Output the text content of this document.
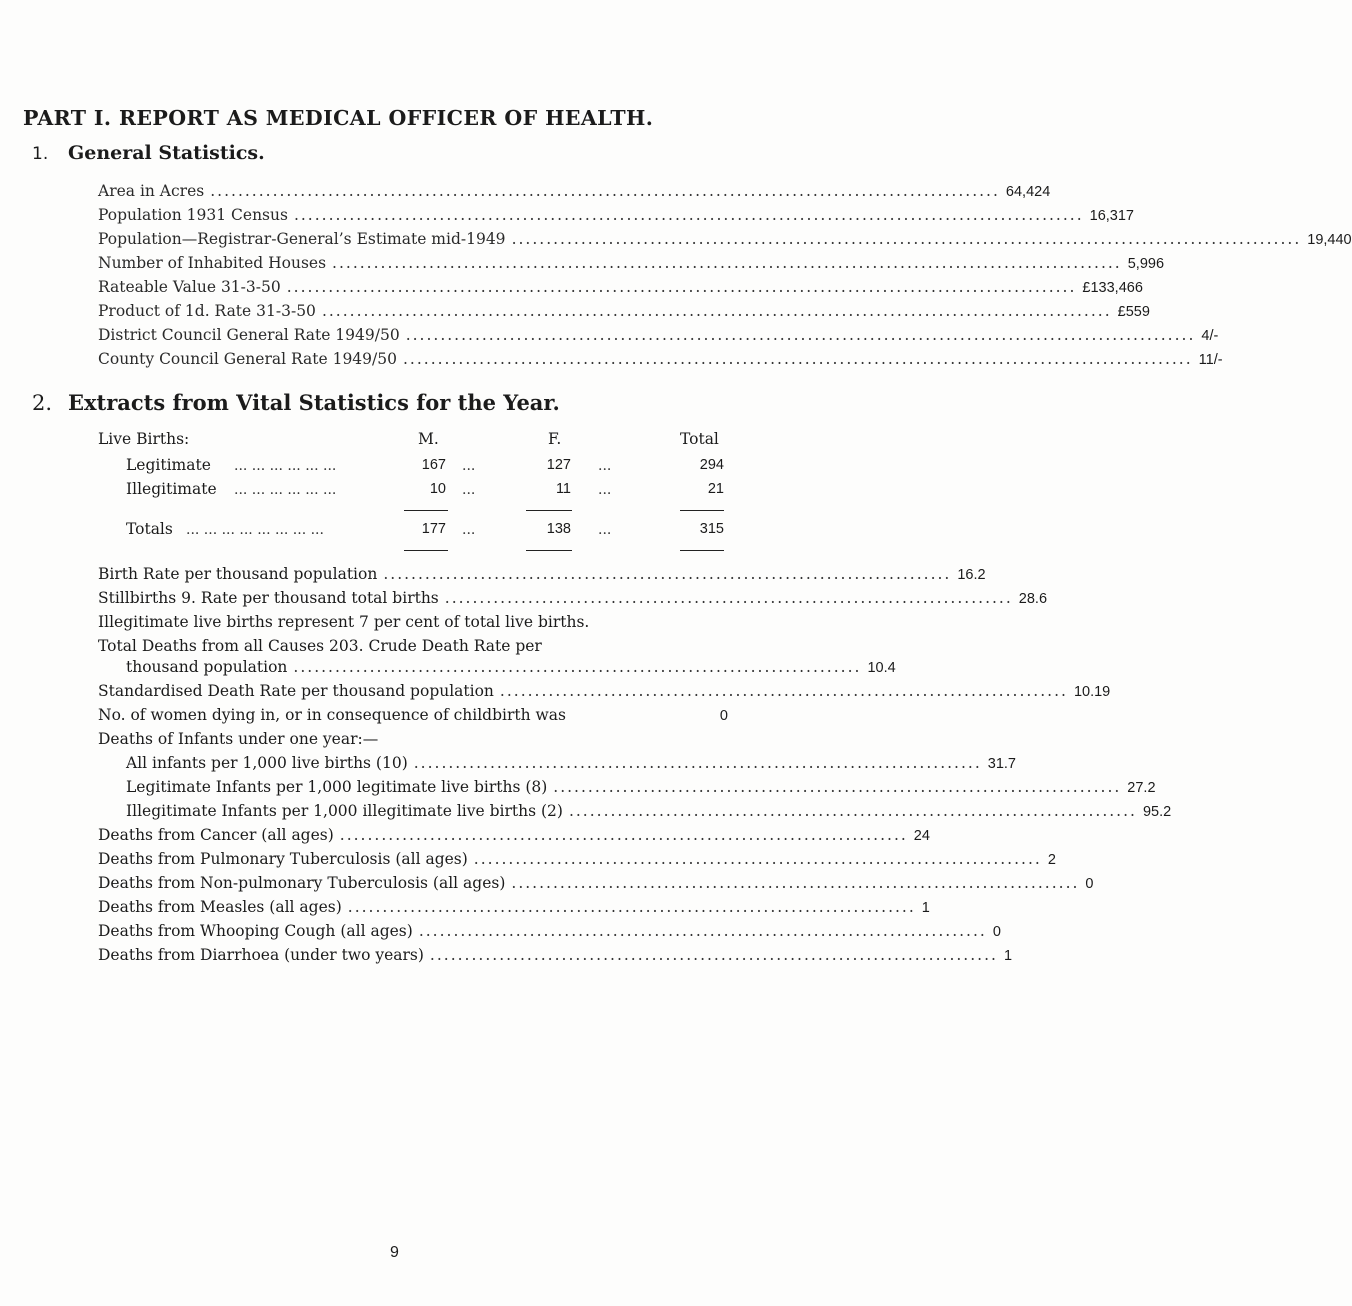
PART I. REPORT AS MEDICAL OFFICER OF HEALTH.
1. General Statistics.
Area in Acres .................................................................................................................. 64,424
Population 1931 Census .................................................................................................................. 16,317
Population—Registrar-General’s Estimate mid-1949 .................................................................................................................. 19,440
Number of Inhabited Houses .................................................................................................................. 5,996
Rateable Value 31-3-50 .................................................................................................................. £133,466
Product of 1d. Rate 31-3-50 .................................................................................................................. £559
District Council General Rate 1949/50 .................................................................................................................. 4/-
County Council General Rate 1949/50 .................................................................................................................. 11/-
2. Extracts from Vital Statistics for the Year.
Live Births:	M.	F.	Total
Legitimate ... ... ... ... ... ...	167 ...	127 ...	294
Illegitimate ... ... ... ... ... ...	10 ...	11 ...	21
Totals ... ... ... ... ... ... ... ...	177 ...	138 ...	315
Birth Rate per thousand population .................................................................................. 16.2
Stillbirths 9. Rate per thousand total births .................................................................................. 28.6
Illegitimate live births represent 7 per cent of total live births.
Total Deaths from all Causes 203. Crude Death Rate per
thousand population .................................................................................. 10.4
Standardised Death Rate per thousand population .................................................................................. 10.19
No. of women dying in, or in consequence of childbirth was	0
Deaths of Infants under one year:—
All infants per 1,000 live births (10) .................................................................................. 31.7
Legitimate Infants per 1,000 legitimate live births (8) .................................................................................. 27.2
Illegitimate Infants per 1,000 illegitimate live births (2) .................................................................................. 95.2
Deaths from Cancer (all ages) .................................................................................. 24
Deaths from Pulmonary Tuberculosis (all ages) .................................................................................. 2
Deaths from Non-pulmonary Tuberculosis (all ages) .................................................................................. 0
Deaths from Measles (all ages) .................................................................................. 1
Deaths from Whooping Cough (all ages) .................................................................................. 0
Deaths from Diarrhoea (under two years) .................................................................................. 1
9
